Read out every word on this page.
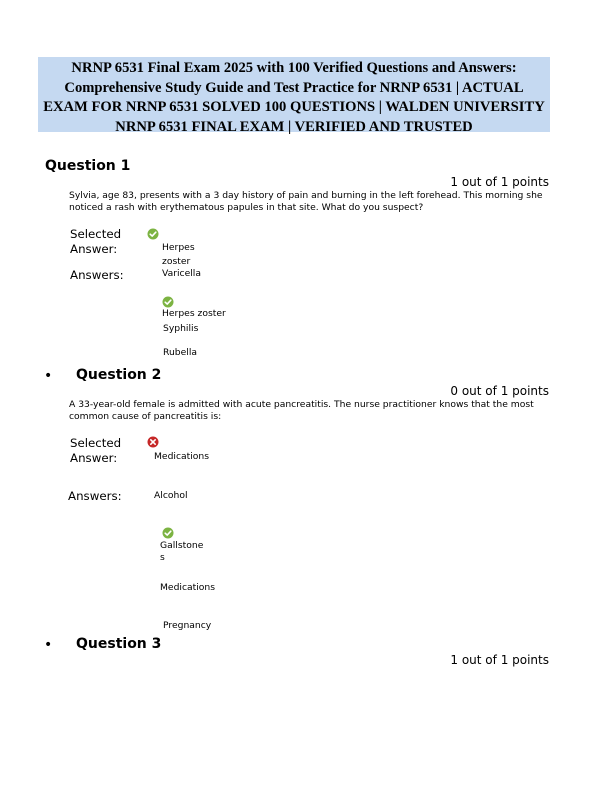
NRNP 6531 Final Exam 2025 with 100 Verified Questions and Answers: Comprehensive Study Guide and Test Practice for NRNP 6531 | ACTUAL EXAM FOR NRNP 6531 SOLVED 100 QUESTIONS | WALDEN UNIVERSITY NRNP 6531 FINAL EXAM | VERIFIED AND TRUSTED
Question 1
1 out of 1 points
Sylvia, age 83, presents with a 3 day history of pain and burning in the left forehead. This morning she noticed a rash with erythematous papules in that site. What do you suspect?
Selected Answer:	Herpes zoster
Answers:	Varicella
Herpes zoster
Syphilis
Rubella
• Question 2
0 out of 1 points
A 33-year-old female is admitted with acute pancreatitis. The nurse practitioner knows that the most common cause of pancreatitis is:
Selected Answer:	Medications
Answers:	Alcohol
Gallstones
Medications
Pregnancy
• Question 3
1 out of 1 points
